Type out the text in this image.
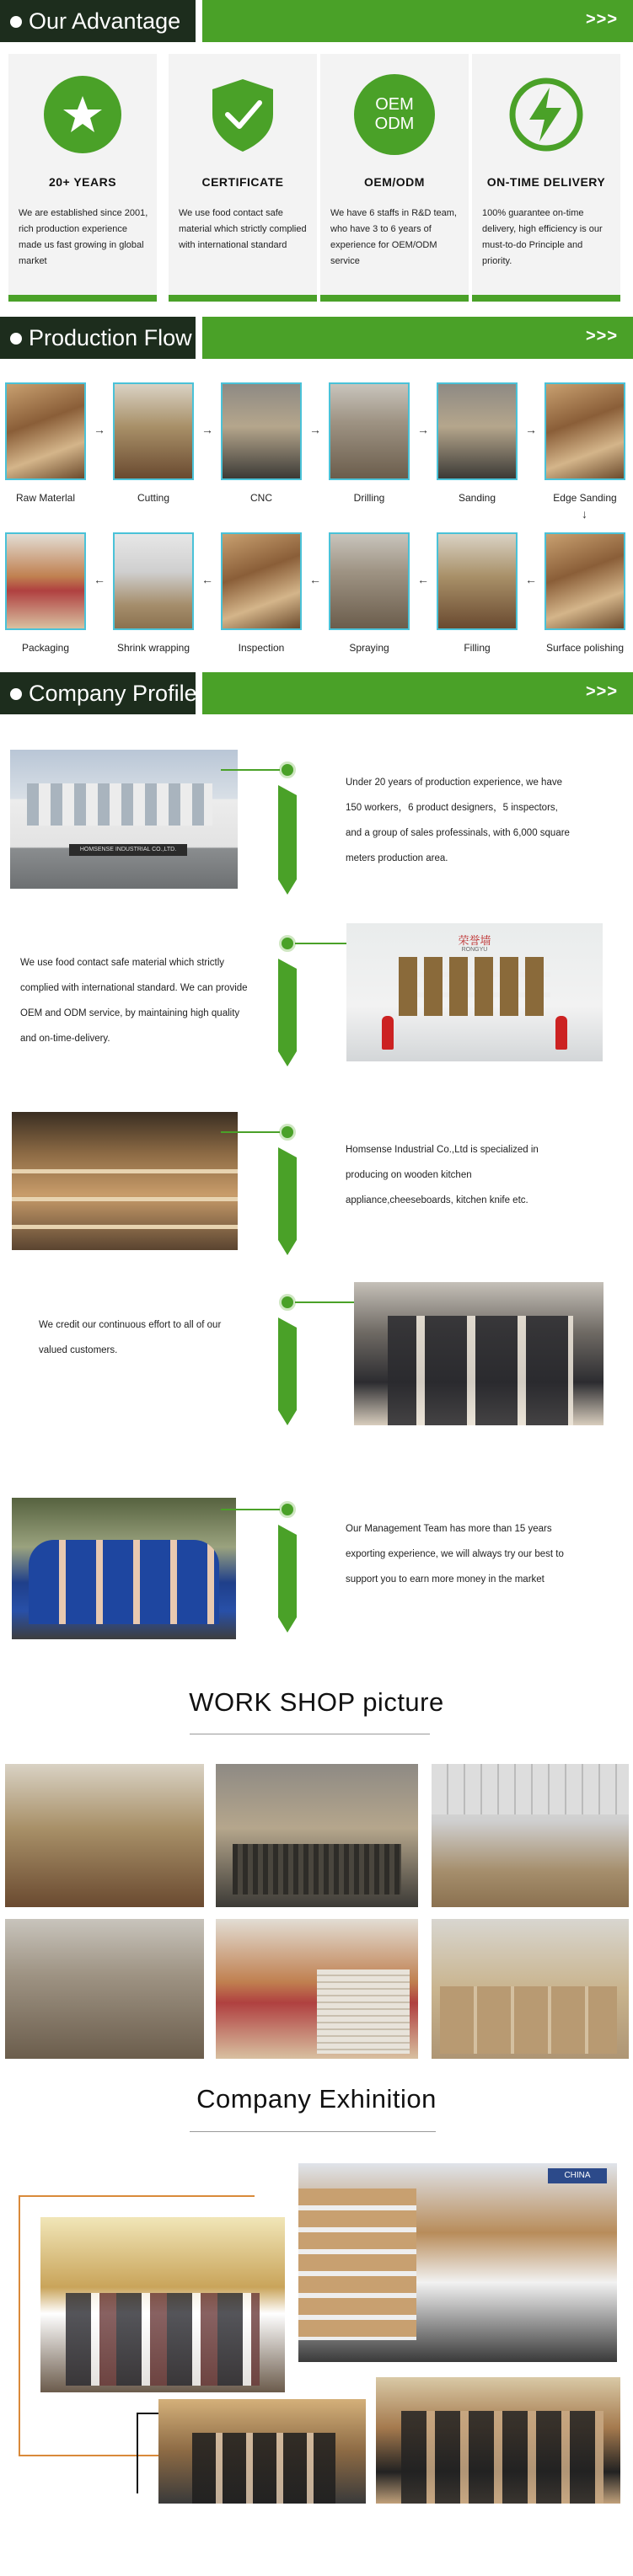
Our Advantage	>>>
20+ YEARS
We are established since 2001, rich production experience made us fast growing in global market
CERTIFICATE
We use food contact safe material which strictly complied with international standard
OEM ODM
OEM/ODM
We have 6 staffs in R&D team, who have 3 to 6 years of experience for OEM/ODM service
ON-TIME DELIVERY
100% guarantee on-time delivery, high efficiency is our must-to-do Principle and priority.
Production Flow	>>>
Raw Materlal
→
Cutting
→
CNC
→
Drilling
→
Sanding
→
Edge Sanding
↓
Packaging
←
Shrink wrapping
←
Inspection
←
Spraying
←
Filling
←
Surface polishing
Company Profile	>>>
HOMSENSE INDUSTRIAL CO.,LTD.
Under 20 years of production experience, we have 150 workers，6 product designers，5 inspectors, and a group of sales professinals, with 6,000 square meters production area.
We use food contact safe material which strictly complied with international standard. We can provide OEM and ODM service, by maintaining high quality and on-time-delivery.
荣誉墙
RONGYU
Homsense Industrial Co.,Ltd is specialized in producing on wooden kitchen appliance,cheeseboards, kitchen knife etc.
We credit our continuous effort to all of our valued customers.
Our Management Team has more than 15 years exporting experience, we will always try our best to support you to earn more money in the market
WORK SHOP picture
Company Exhinition
CHINA
